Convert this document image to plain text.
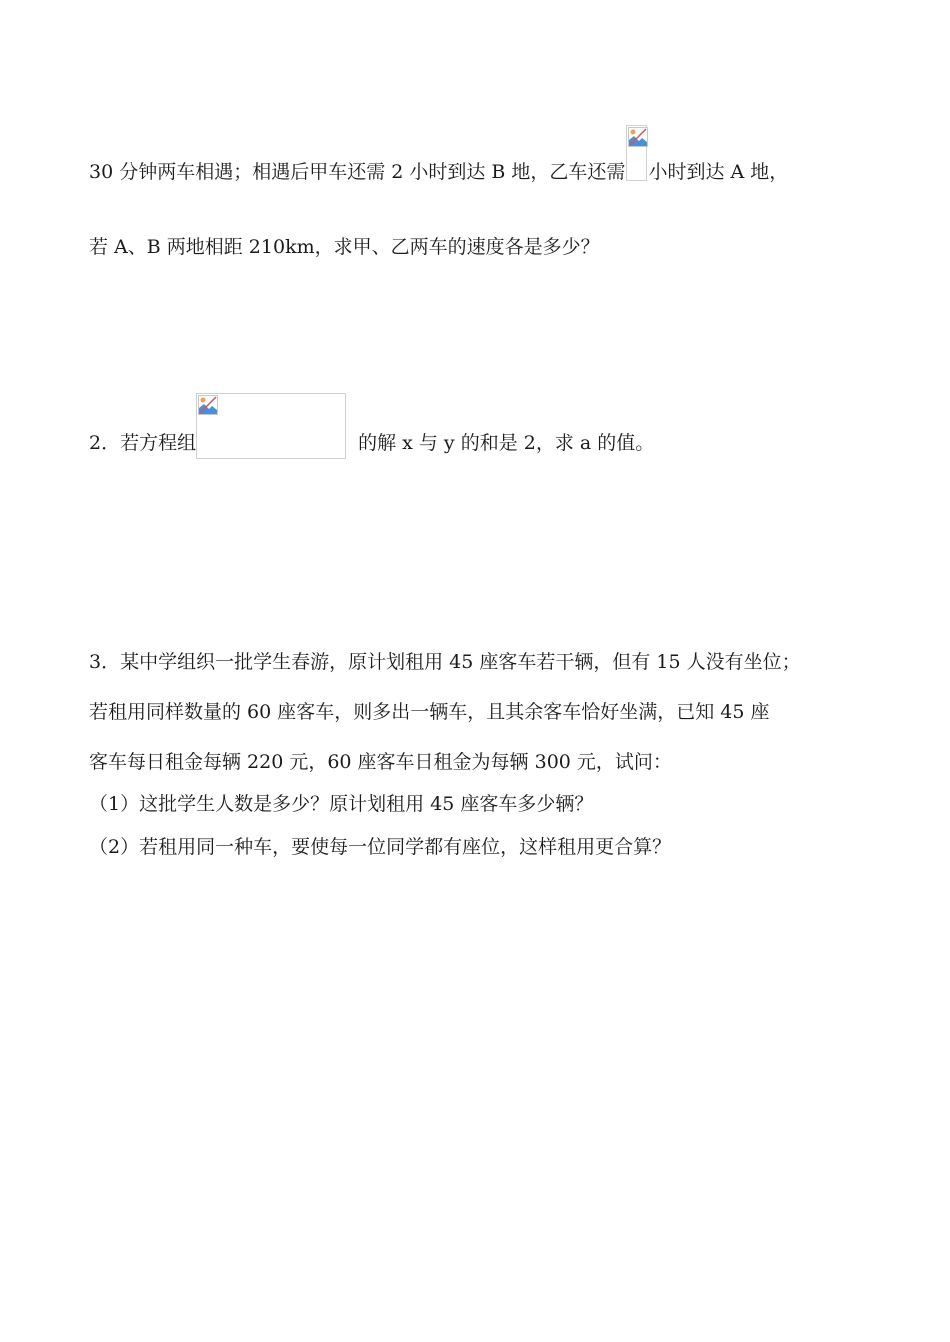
30 分钟两车相遇；相遇后甲车还需 2 小时到达 B 地，乙车还需 小时到达 A 地，
若 A、B 两地相距 210km，求甲、乙两车的速度各是多少？
2．若方程组	的解 x 与 y 的和是 2，求 a 的值。
3．某中学组织一批学生春游，原计划租用 45 座客车若干辆，但有 15 人没有坐位；
若租用同样数量的 60 座客车，则多出一辆车，且其余客车恰好坐满，已知 45 座
客车每日租金每辆 220 元，60 座客车日租金为每辆 300 元，试问：
（1）这批学生人数是多少？原计划租用 45 座客车多少辆？
（2）若租用同一种车，要使每一位同学都有座位，这样租用更合算？
